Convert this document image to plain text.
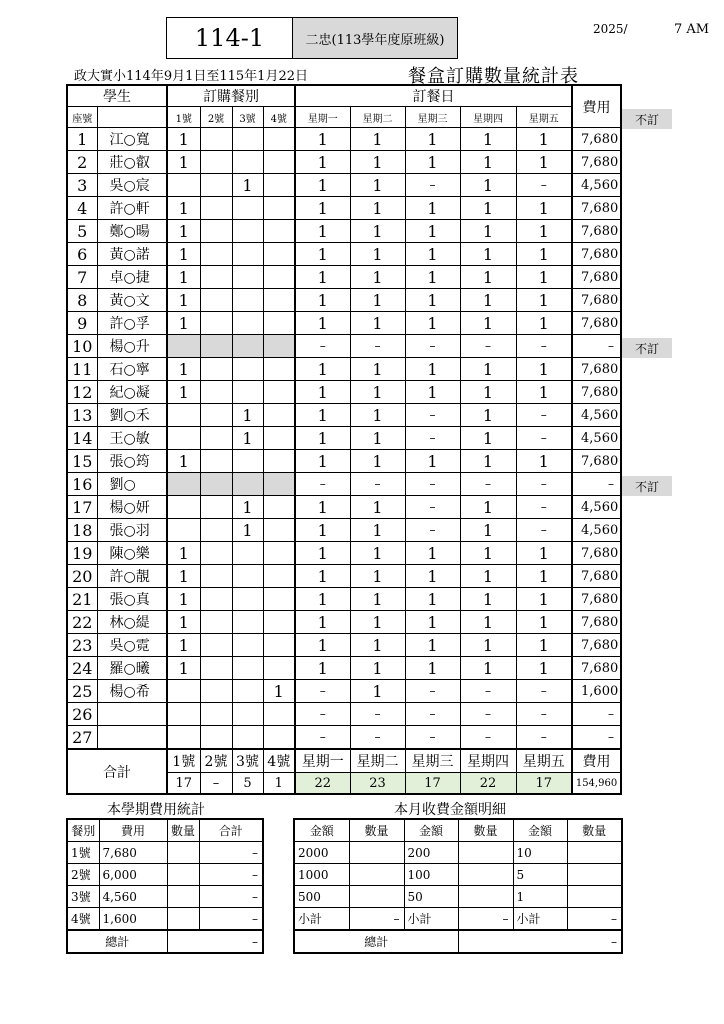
114-1	二忠(113學年度原班級)
2025/	7 AM
政大實小114年9月1日至115年1月22日	餐盒訂購數量統計表
學生		訂購餐別				訂餐日					費用
座號		1號	2號	3號	4號	星期一	星期二	星期三	星期四	星期五	
1	江○寬	1				1	1	1	1	1	7,680
2	莊○叡	1				1	1	1	1	1	7,680
3	吳○宸			1		1	1	–	1	–	4,560
4	許○軒	1				1	1	1	1	1	7,680
5	鄭○暘	1				1	1	1	1	1	7,680
6	黃○諾	1				1	1	1	1	1	7,680
7	卓○捷	1				1	1	1	1	1	7,680
8	黃○文	1				1	1	1	1	1	7,680
9	許○孚	1				1	1	1	1	1	7,680
10	楊○升					–	–	–	–	–	–
11	石○寧	1				1	1	1	1	1	7,680
12	紀○凝	1				1	1	1	1	1	7,680
13	劉○禾			1		1	1	–	1	–	4,560
14	王○敏			1		1	1	–	1	–	4,560
15	張○筠	1				1	1	1	1	1	7,680
16	劉○					–	–	–	–	–	–
17	楊○妍			1		1	1	–	1	–	4,560
18	張○羽			1		1	1	–	1	–	4,560
19	陳○樂	1				1	1	1	1	1	7,680
20	許○靚	1				1	1	1	1	1	7,680
21	張○真	1				1	1	1	1	1	7,680
22	林○緹	1				1	1	1	1	1	7,680
23	吳○霓	1				1	1	1	1	1	7,680
24	羅○曦	1				1	1	1	1	1	7,680
25	楊○希				1	–	1	–	–	–	1,600
26						–	–	–	–	–	–
27						–	–	–	–	–	–
合計		1號	2號	3號	4號	星期一	星期二	星期三	星期四	星期五	費用
		17	–	5	1	22	23	17	22	17	154,960
不訂
不訂
不訂
本學期費用統計
餐別	費用	數量	合計
1號	7,680		–
2號	6,000		–
3號	4,560		–
4號	1,600		–
總計		–	
本月收費金額明細
金額	數量	金額	數量	金額	數量
2000		200		10	
1000		100		5	
500		50		1	
小計	–	小計	–	小計	–
總計			–		
